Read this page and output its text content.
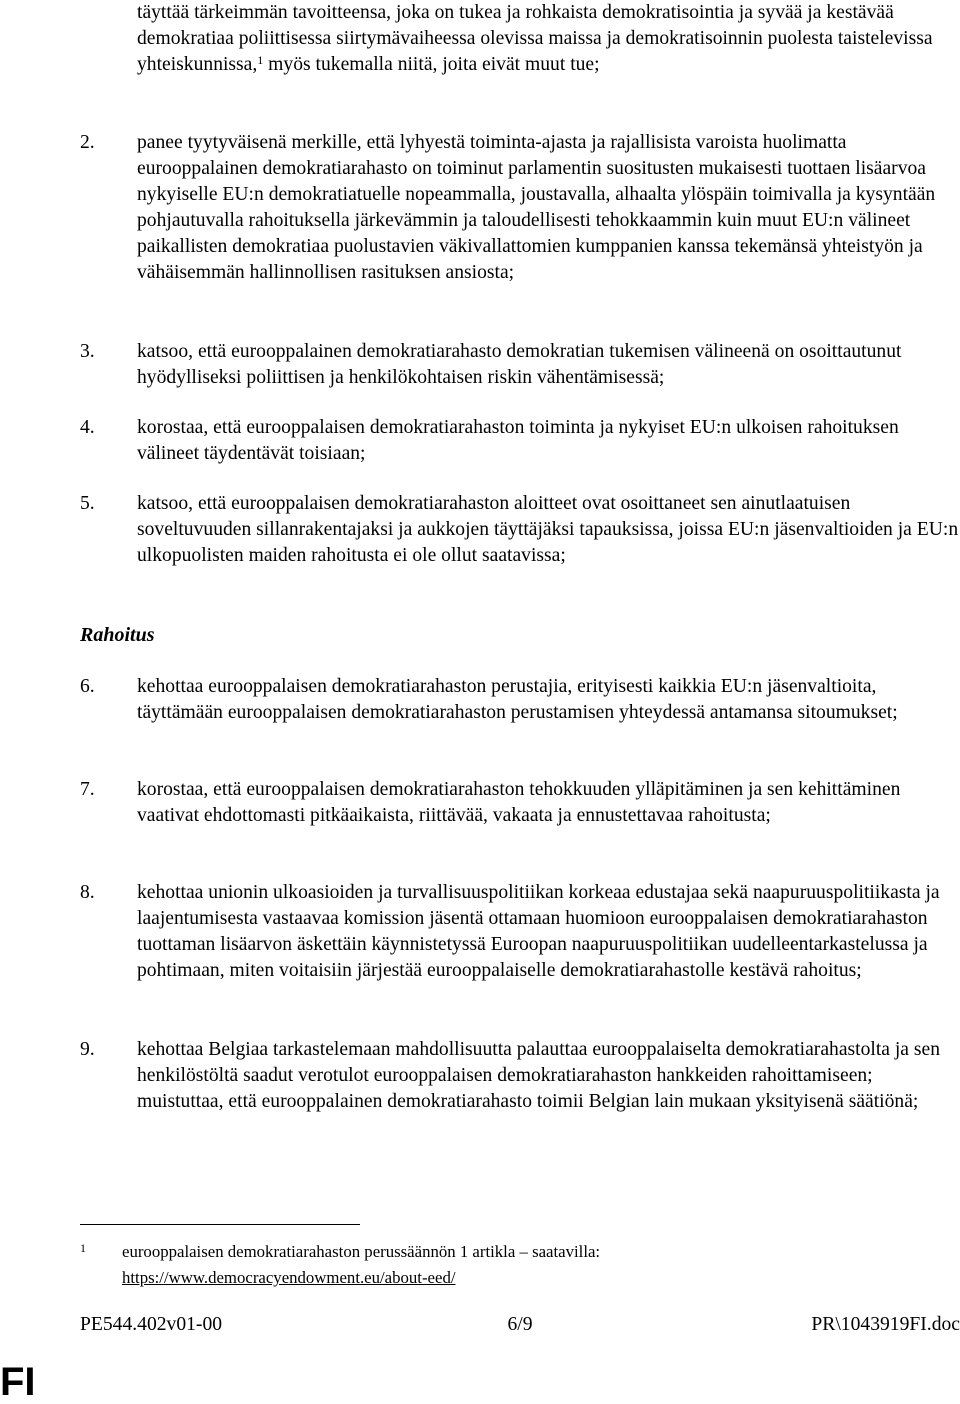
täyttää tärkeimmän tavoitteensa, joka on tukea ja rohkaista demokratisointia ja syvää ja kestävää demokratiaa poliittisessa siirtymävaiheessa olevissa maissa ja demokratisoinnin puolesta taistelevissa yhteiskunnissa,$^1$ myös tukemalla niitä, joita eivät muut tue;
2. panee tyytyväisenä merkille, että lyhyestä toiminta-ajasta ja rajallisista varoista huolimatta eurooppalainen demokratiarahasto on toiminut parlamentin suositusten mukaisesti tuottaen lisäarvoa nykyiselle EU:n demokratiatuelle nopeammalla, joustavalla, alhaalta ylöspäin toimivalla ja kysyntään pohjautuvalla rahoituksella järkevämmin ja taloudellisesti tehokkaammin kuin muut EU:n välineet paikallisten demokratiaa puolustavien väkivallattomien kumppanien kanssa tekemänsä yhteistyön ja vähäisemmän hallinnollisen rasituksen ansiosta;
3. katsoo, että eurooppalainen demokratiarahasto demokratian tukemisen välineenä on osoittautunut hyödylliseksi poliittisen ja henkilökohtaisen riskin vähentämisessä;
4. korostaa, että eurooppalaisen demokratiarahaston toiminta ja nykyiset EU:n ulkoisen rahoituksen välineet täydentävät toisiaan;
5. katsoo, että eurooppalaisen demokratiarahaston aloitteet ovat osoittaneet sen ainutlaatuisen soveltuvuuden sillanrakentajaksi ja aukkojen täyttäjäksi tapauksissa, joissa EU:n jäsenvaltioiden ja EU:n ulkopuolisten maiden rahoitusta ei ole ollut saatavissa;
Rahoitus
6. kehottaa eurooppalaisen demokratiarahaston perustajia, erityisesti kaikkia EU:n jäsenvaltioita, täyttämään eurooppalaisen demokratiarahaston perustamisen yhteydessä antamansa sitoumukset;
7. korostaa, että eurooppalaisen demokratiarahaston tehokkuuden ylläpitäminen ja sen kehittäminen vaativat ehdottomasti pitkäaikaista, riittävää, vakaata ja ennustettavaa rahoitusta;
8. kehottaa unionin ulkoasioiden ja turvallisuuspolitiikan korkeaa edustajaa sekä naapuruuspolitiikasta ja laajentumisesta vastaavaa komission jäsentä ottamaan huomioon eurooppalaisen demokratiarahaston tuottaman lisäarvon äskettäin käynnistetyssä Euroopan naapuruuspolitiikan uudelleentarkastelussa ja pohtimaan, miten voitaisiin järjestää eurooppalaiselle demokratiarahastolle kestävä rahoitus;
9. kehottaa Belgiaa tarkastelemaan mahdollisuutta palauttaa eurooppalaiselta demokratiarahastolta ja sen henkilöstöltä saadut verotulot eurooppalaisen demokratiarahaston hankkeiden rahoittamiseen; muistuttaa, että eurooppalainen demokratiarahasto toimii Belgian lain mukaan yksityisenä säätiönä;
1 eurooppalaisen demokratiarahaston perussäännön 1 artikla – saatavilla:
https://www.democracyendowment.eu/about-eed/
PE544.402v01-00	6/9	PR\1043919FI.doc
FI
